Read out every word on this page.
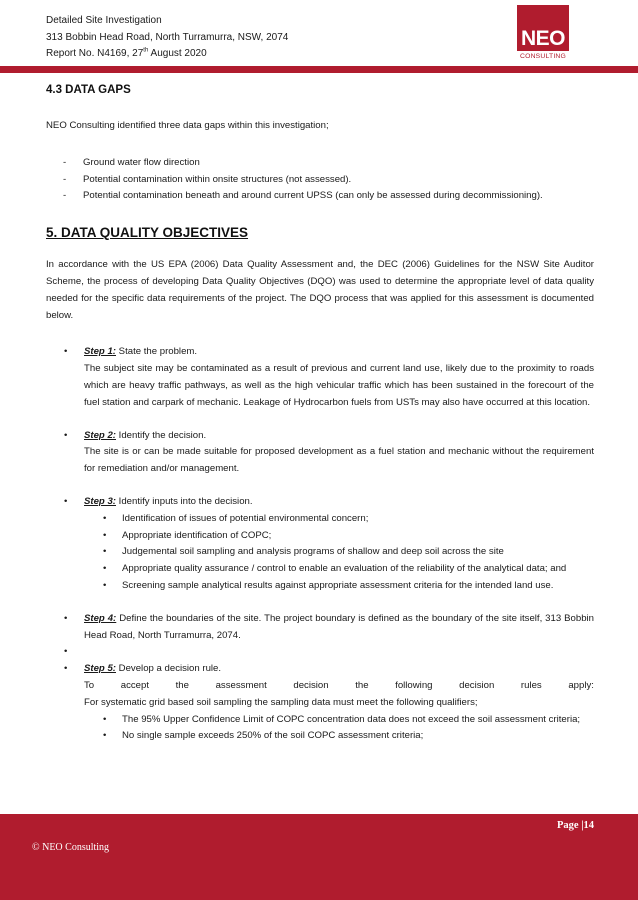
Detailed Site Investigation
313 Bobbin Head Road, North Turramurra, NSW, 2074
Report No. N4169, 27th August 2020
NEO
CONSULTING
4.3 DATA GAPS

NEO Consulting identified three data gaps within this investigation;

- Ground water flow direction
- Potential contamination within onsite structures (not assessed).
- Potential contamination beneath and around current UPSS (can only be assessed during decommissioning).
5. DATA QUALITY OBJECTIVES

In accordance with the US EPA (2006) Data Quality Assessment and, the DEC (2006) Guidelines for the NSW Site Auditor Scheme, the process of developing Data Quality Objectives (DQO) was used to determine the appropriate level of data quality needed for the specific data requirements of the project. The DQO process that was applied for this assessment is documented below.

• Step 1: State the problem.
The subject site may be contaminated as a result of previous and current land use, likely due to the proximity to roads which are heavy traffic pathways, as well as the high vehicular traffic which has been sustained in the forecourt of the fuel station and carpark of mechanic. Leakage of Hydrocarbon fuels from USTs may also have occurred at this location.
• Step 2: Identify the decision.
The site is or can be made suitable for proposed development as a fuel station and mechanic without the requirement for remediation and/or management.
• Step 3: Identify inputs into the decision.
• Identification of issues of potential environmental concern;
• Appropriate identification of COPC;
• Judgemental soil sampling and analysis programs of shallow and deep soil across the site
• Appropriate quality assurance / control to enable an evaluation of the reliability of the analytical data; and
• Screening sample analytical results against appropriate assessment criteria for the intended land use.
• Step 4: Define the boundaries of the site. The project boundary is defined as the boundary of the site itself, 313 Bobbin Head Road, North Turramurra, 2074.
•
• Step 5: Develop a decision rule.
To	accept	the	assessment	decision	the	following	decision	rules	apply:
For systematic grid based soil sampling the sampling data must meet the following qualifiers;
• The 95% Upper Confidence Limit of COPC concentration data does not exceed the soil assessment criteria;
• No single sample exceeds 250% of the soil COPC assessment criteria;
Page |14
© NEO Consulting
